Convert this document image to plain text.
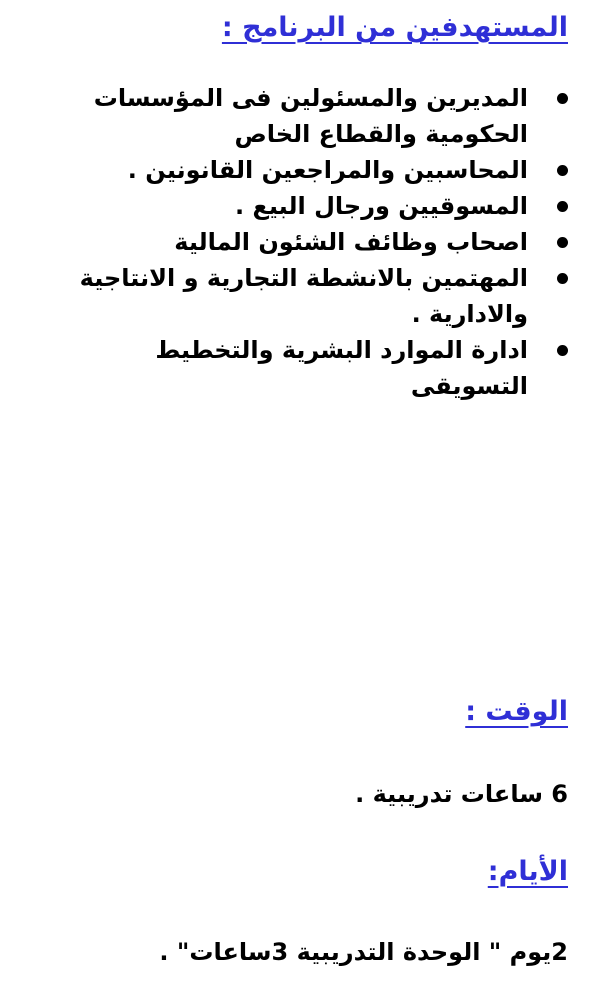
المستهدفين من البرنامج :
المديرين والمسئولين فى المؤسسات الحكومية والقطاع الخاص
المحاسبين والمراجعين القانونين .
المسوقيين ورجال البيع .
اصحاب وظائف الشئون المالية
المهتمين بالانشطة التجارية و الانتاجية والادارية .
ادارة الموارد البشرية والتخطيط التسويقى
الوقت :

6 ساعات تدريبية .

الأيام:

2يوم " الوحدة التدريبية 3ساعات" .
